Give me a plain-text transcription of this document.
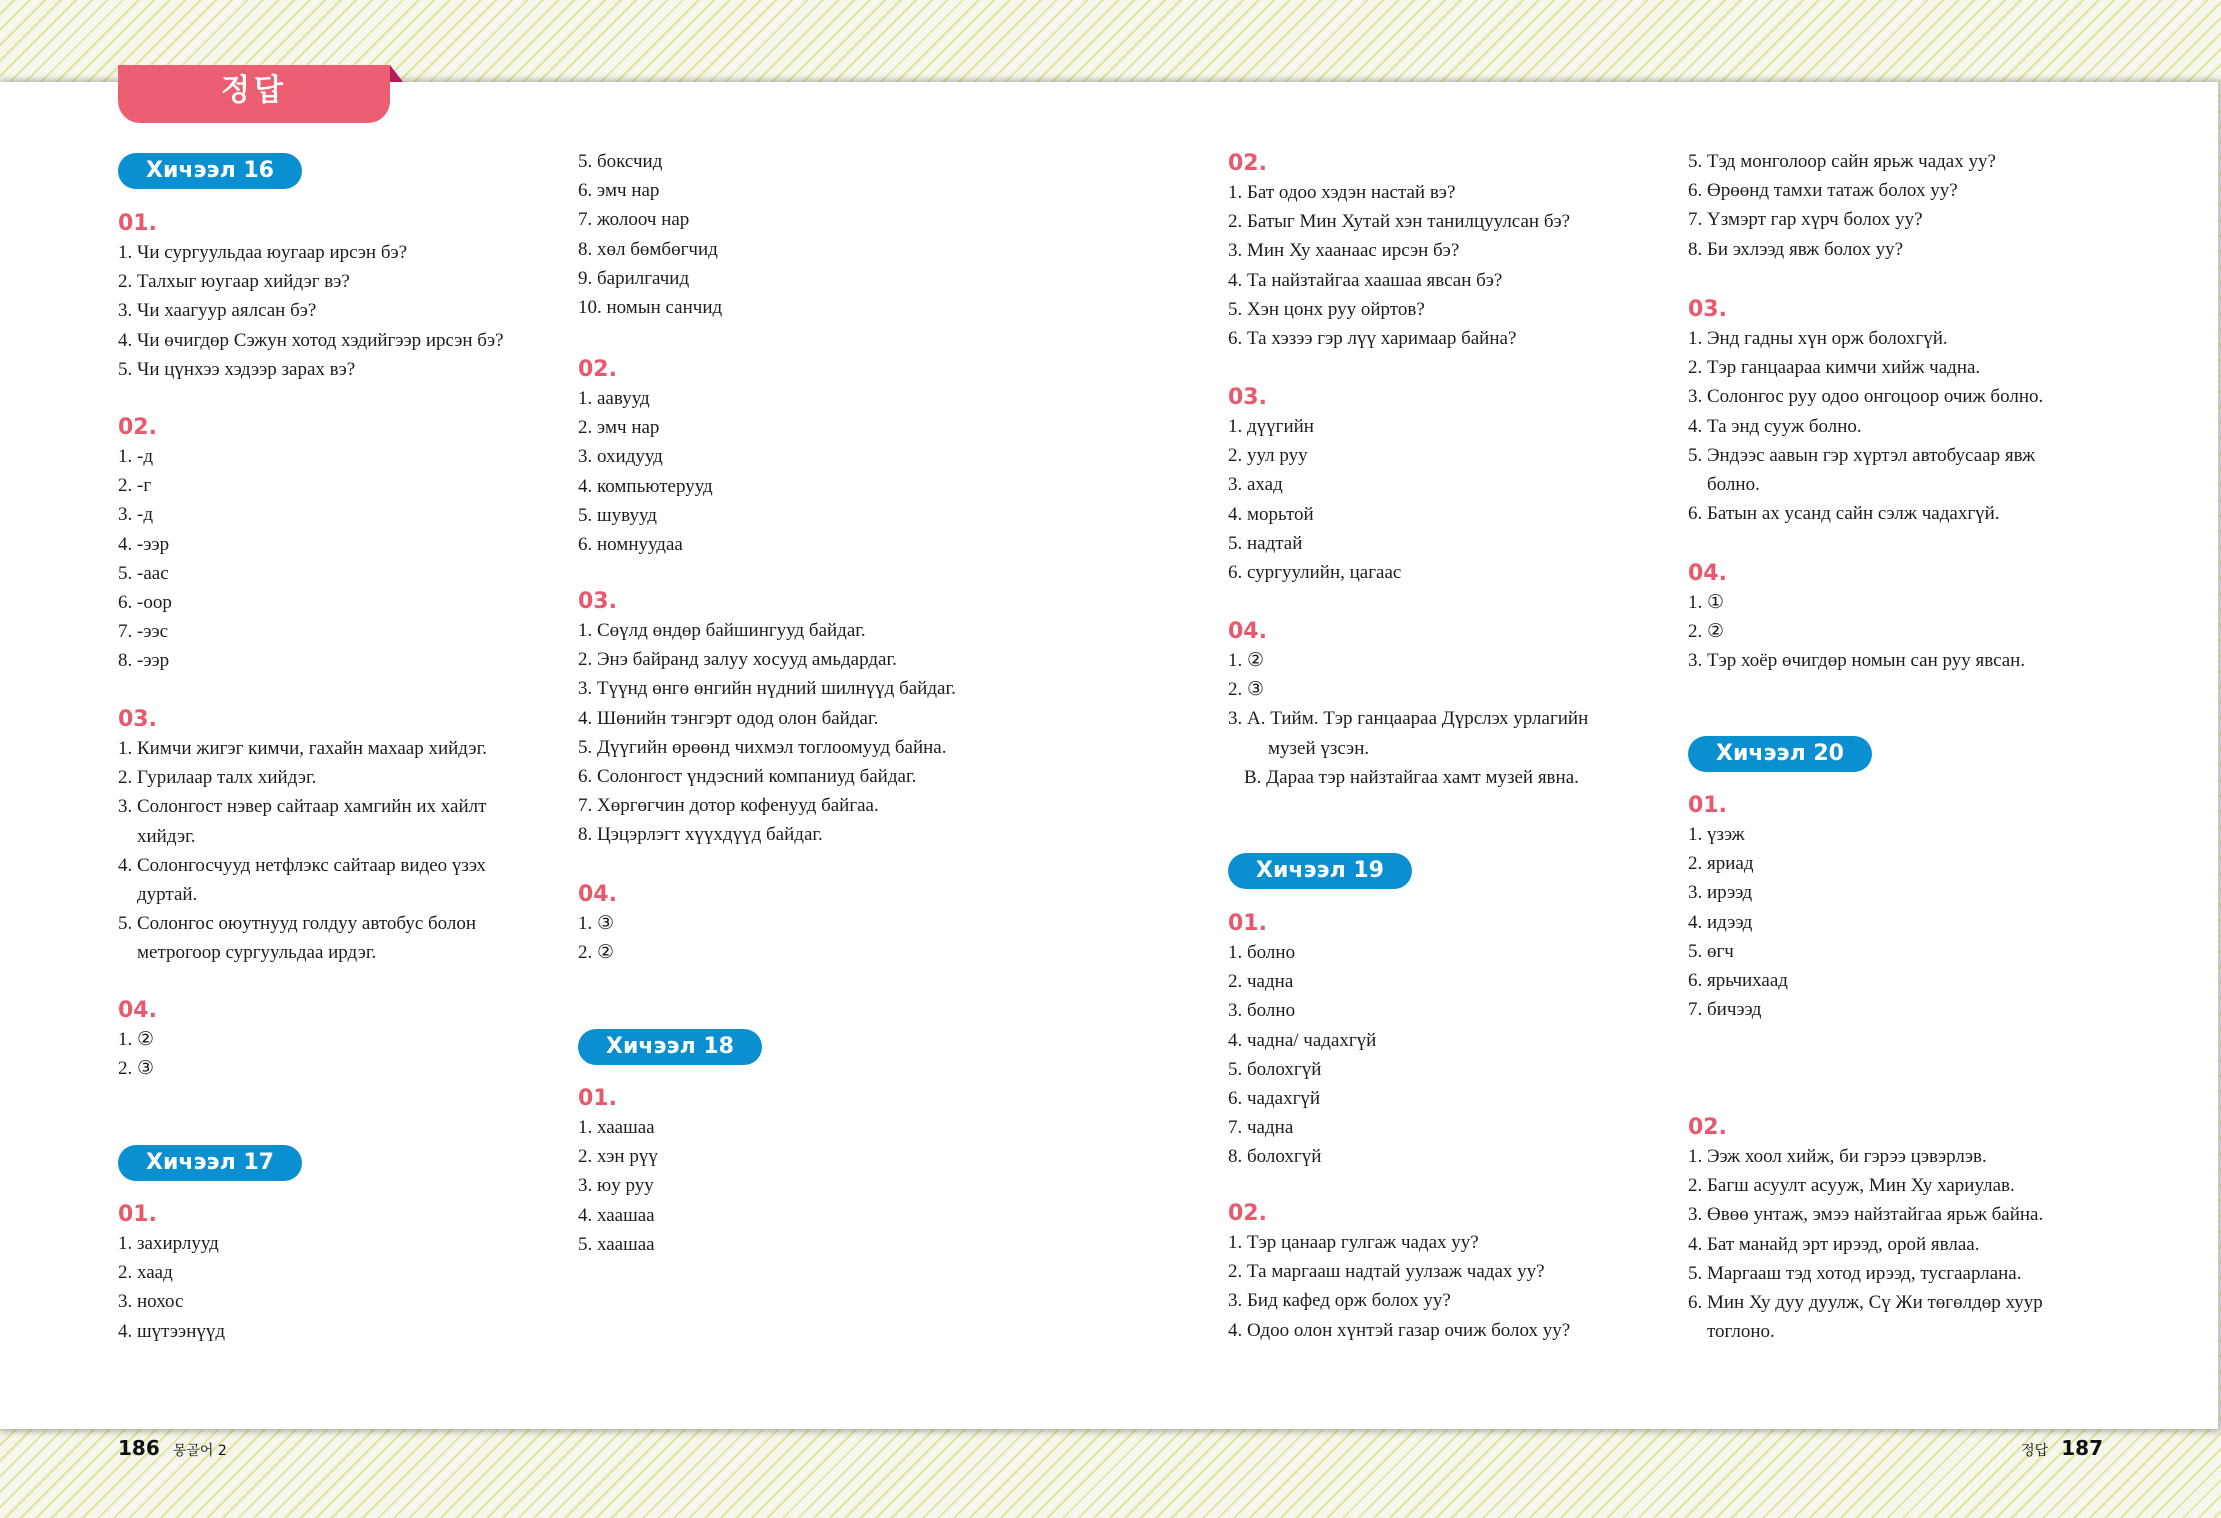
정답
Хичээл 16
01.
1. Чи сургуульдаа юугаар ирсэн бэ?
2. Талхыг юугаар хийдэг вэ?
3. Чи хаагуур аялсан бэ?
4. Чи өчигдөр Сэжун хотод хэдийгээр ирсэн бэ?
5. Чи цүнхээ хэдээр зарах вэ?
02.
1. -д
2. -г
3. -д
4. -ээр
5. -аас
6. -оор
7. -ээс
8. -ээр
03.
1. Кимчи жигэг кимчи, гахайн махаар хийдэг.
2. Гурилаар талх хийдэг.
3. Солонгост нэвер сайтаар хамгийн их хайлт
хийдэг.
4. Солонгосчууд нетфлэкс сайтаар видео үзэх
дуртай.
5. Солонгос оюутнууд голдуу автобус болон
метрогоор сургуульдаа ирдэг.
04.
1. ②
2. ③
Хичээл 17
01.
1. захирлууд
2. хаад
3. нохос
4. шүтээнүүд
5. боксчид
6. эмч нар
7. жолооч нар
8. хөл бөмбөгчид
9. барилгачид
10. номын санчид
02.
1. аавууд
2. эмч нар
3. охидууд
4. компьютерууд
5. шувууд
6. номнуудаа
03.
1. Сөүлд өндөр байшингууд байдаг.
2. Энэ байранд залуу хосууд амьдардаг.
3. Түүнд өнгө өнгийн нүдний шилнүүд байдаг.
4. Шөнийн тэнгэрт одод олон байдаг.
5. Дүүгийн өрөөнд чихмэл тоглоомууд байна.
6. Солонгост үндэсний компаниуд байдаг.
7. Хөргөгчин дотор кофенууд байгаа.
8. Цэцэрлэгт хүүхдүүд байдаг.
04.
1. ③
2. ②
Хичээл 18
01.
1. хаашаа
2. хэн рүү
3. юу руу
4. хаашаа
5. хаашаа
02.
1. Бат одоо хэдэн настай вэ?
2. Батыг Мин Хутай хэн танилцуулсан бэ?
3. Мин Ху хаанаас ирсэн бэ?
4. Та найзтайгаа хаашаа явсан бэ?
5. Хэн цонх руу ойртов?
6. Та хэзээ гэр лүү харимаар байна?
03.
1. дүүгийн
2. уул руу
3. ахад
4. морьтой
5. надтай
6. сургуулийн, цагаас
04.
1. ②
2. ③
3. А. Тийм. Тэр ганцаараа Дүрслэх урлагийн
музей үзсэн.
В. Дараа тэр найзтайгаа хамт музей явна.
Хичээл 19
01.
1. болно
2. чадна
3. болно
4. чадна/ чадахгүй
5. болохгүй
6. чадахгүй
7. чадна
8. болохгүй
02.
1. Тэр цанаар гулгаж чадах уу?
2. Та маргааш надтай уулзаж чадах уу?
3. Бид кафед орж болох уу?
4. Одоо олон хүнтэй газар очиж болох уу?
5. Тэд монголоор сайн ярьж чадах уу?
6. Өрөөнд тамхи татаж болох уу?
7. Үзмэрт гар хүрч болох уу?
8. Би эхлээд явж болох уу?
03.
1. Энд гадны хүн орж болохгүй.
2. Тэр ганцаараа кимчи хийж чадна.
3. Солонгос руу одоо онгоцоор очиж болно.
4. Та энд сууж болно.
5. Эндээс аавын гэр хүртэл автобусаар явж
болно.
6. Батын ах усанд сайн сэлж чадахгүй.
04.
1. ①
2. ②
3. Тэр хоёр өчигдөр номын сан руу явсан.
Хичээл 20
01.
1. үзэж
2. яриад
3. ирээд
4. идээд
5. өгч
6. ярьчихаад
7. бичээд
02.
1. Ээж хоол хийж, би гэрээ цэвэрлэв.
2. Багш асуулт асууж, Мин Ху хариулав.
3. Өвөө унтаж, эмээ найзтайгаа ярьж байна.
4. Бат манайд эрт ирээд, орой явлаа.
5. Маргааш тэд хотод ирээд, тусгаарлана.
6. Мин Ху дуу дуулж, Сү Жи төгөлдөр хуур
тоглоно.
186 몽골어 2	정답 187
